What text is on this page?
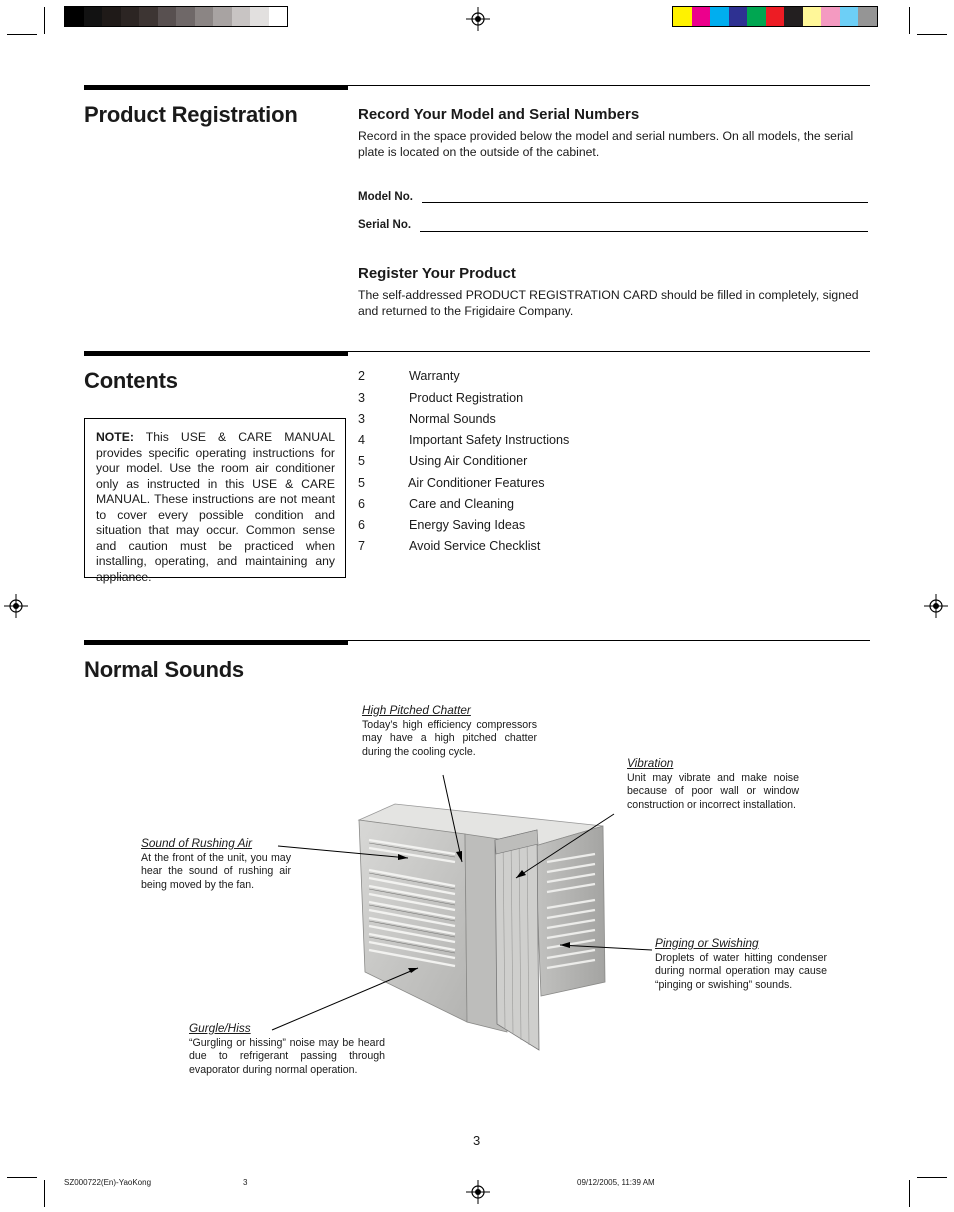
Product Registration	Record Your Model and Serial Numbers

Record in the space provided below the model and serial numbers. On all models, the serial plate is located on the outside of the cabinet.

Model No.
Serial No.
Register Your Product

The self-addressed PRODUCT REGISTRATION CARD should be filled in completely, signed and returned to the Frigidaire Company.

Contents
NOTE: This USE & CARE MANUAL provides specific operating instructions for your model. Use the room air conditioner only as instructed in this USE & CARE MANUAL. These instructions are not meant to cover every possible condition and situation that may occur. Common sense and caution must be practiced when installing, operating, and maintaining any appliance.
2	Warranty
3	Product Registration
3	Normal Sounds
4	Important Safety Instructions
5	Using Air Conditioner
5	Air Conditioner Features
6	Care and Cleaning
6	Energy Saving Ideas
7	Avoid Service Checklist
Normal Sounds
High Pitched Chatter
Today’s high efficiency compressors may have a high pitched chatter during the cooling cycle.
Vibration
Unit may vibrate and make noise because of poor wall or window construction or incorrect installation.
Sound of Rushing Air
At the front of the unit, you may hear the sound of rushing air being moved by the fan.
Pinging or Swishing
Droplets of water hitting condenser during normal operation may cause “pinging or swishing” sounds.
Gurgle/Hiss
“Gurgling or hissing” noise may be heard due to refrigerant passing through evaporator during normal operation.
3
SZ000722(En)-YaoKong	3	09/12/2005, 11:39 AM
